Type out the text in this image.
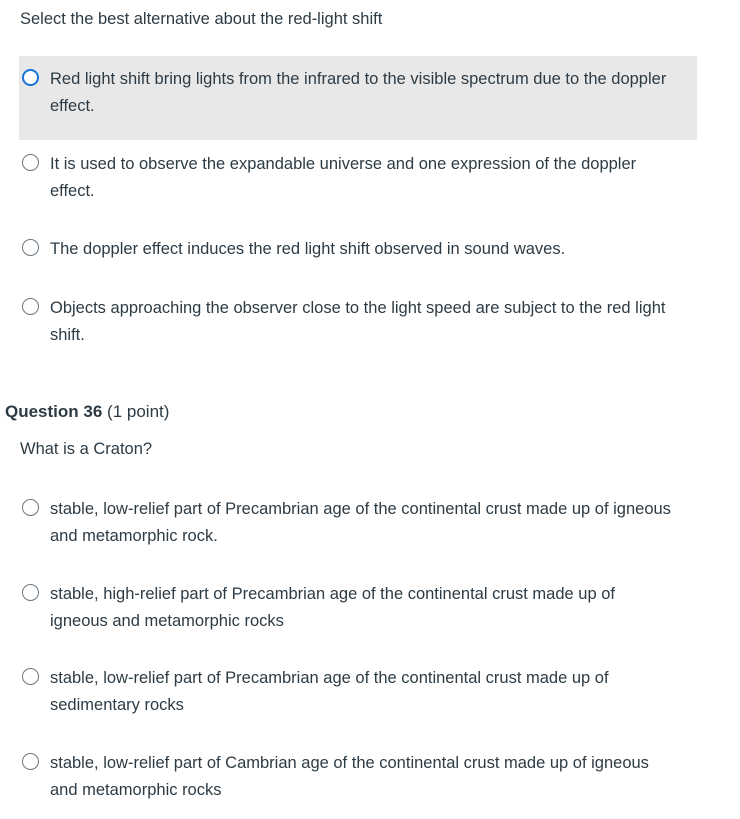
Select the best alternative about the red-light shift
Red light shift bring lights from the infrared to the visible spectrum due to the doppler effect.
It is used to observe the expandable universe and one expression of the doppler effect.
The doppler effect induces the red light shift observed in sound waves.
Objects approaching the observer close to the light speed are subject to the red light shift.
Question 36 (1 point)
What is a Craton?
stable, low-relief part of Precambrian age of the continental crust made up of igneous and metamorphic rock.
stable, high-relief part of Precambrian age of the continental crust made up of igneous and metamorphic rocks
stable, low-relief part of Precambrian age of the continental crust made up of sedimentary rocks
stable, low-relief part of Cambrian age of the continental crust made up of igneous and metamorphic rocks
